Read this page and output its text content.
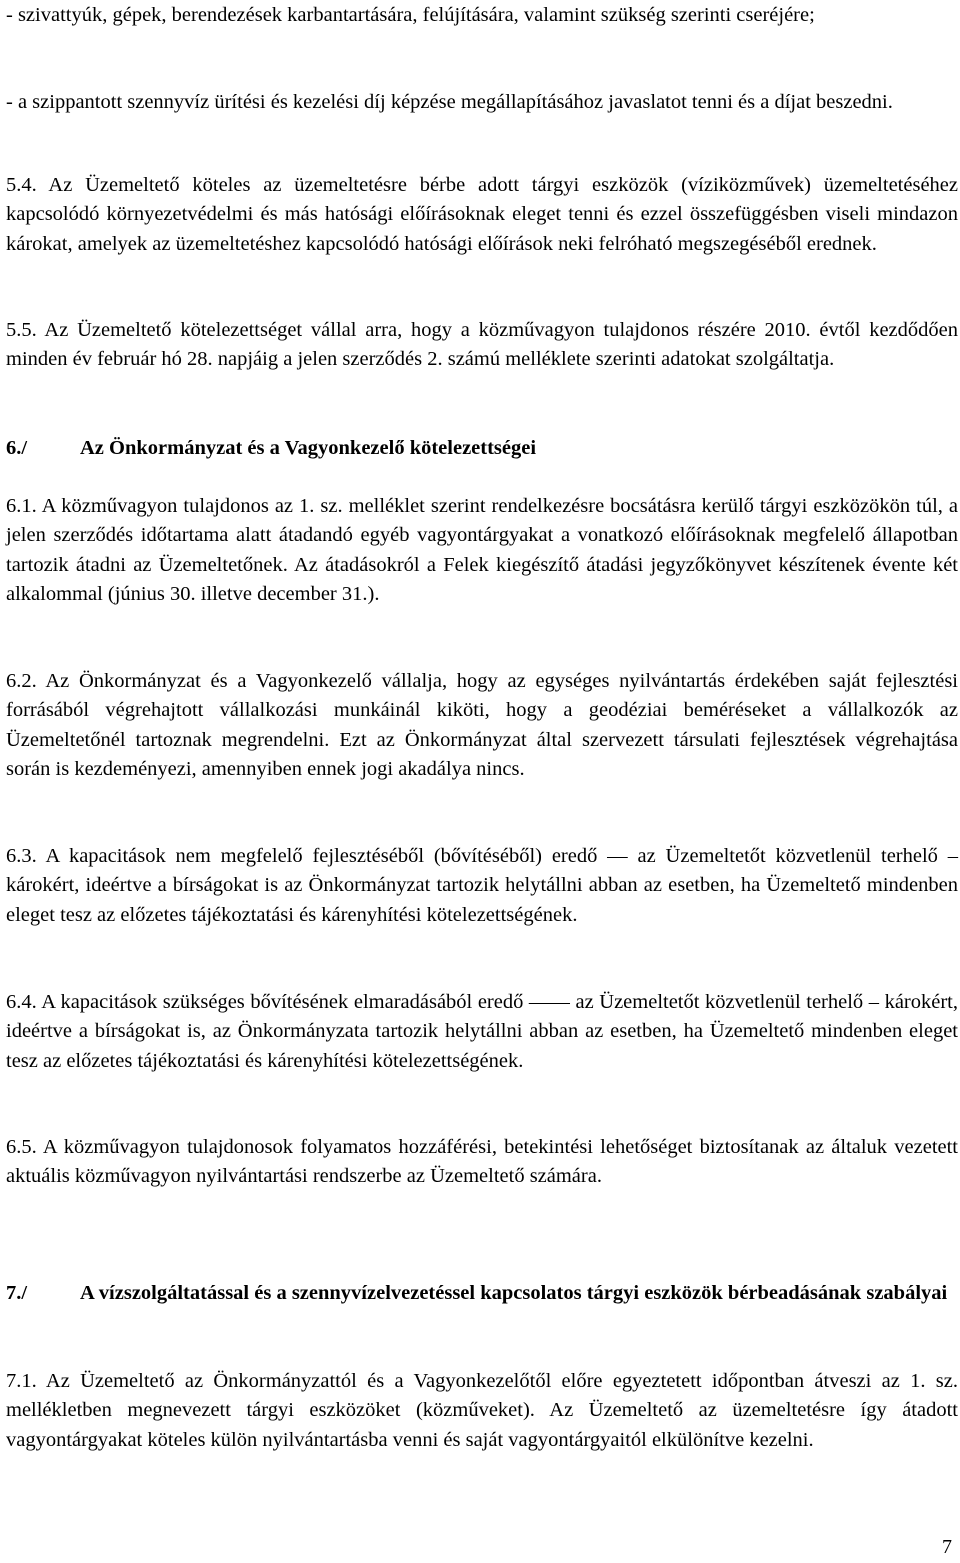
- szivattyúk, gépek, berendezések karbantartására, felújítására, valamint szükség szerinti cseréjére;

- a szippantott szennyvíz ürítési és kezelési díj képzése megállapításához javaslatot tenni és a díjat beszedni.

5.4. Az Üzemeltető köteles az üzemeltetésre bérbe adott tárgyi eszközök (víziközművek) üzemeltetéséhez kapcsolódó környezetvédelmi és más hatósági előírásoknak eleget tenni és ezzel összefüggésben viseli mindazon károkat, amelyek az üzemeltetéshez kapcsolódó hatósági előírások neki felróható megszegéséből erednek.

5.5. Az Üzemeltető kötelezettséget vállal arra, hogy a közművagyon tulajdonos részére 2010. évtől kezdődően minden év február hó 28. napjáig a jelen szerződés 2. számú melléklete szerinti adatokat szolgáltatja.

6./	Az Önkormányzat és a Vagyonkezelő kötelezettségei

6.1. A közművagyon tulajdonos az 1. sz. melléklet szerint rendelkezésre bocsátásra kerülő tárgyi eszközökön túl, a jelen szerződés időtartama alatt átadandó egyéb vagyontárgyakat a vonatkozó előírásoknak megfelelő állapotban tartozik átadni az Üzemeltetőnek. Az átadásokról a Felek kiegészítő átadási jegyzőkönyvet készítenek évente két alkalommal (június 30. illetve december 31.).

6.2. Az Önkormányzat és a Vagyonkezelő vállalja, hogy az egységes nyilvántartás érdekében saját fejlesztési forrásából végrehajtott vállalkozási munkáinál kiköti, hogy a geodéziai beméréseket a vállalkozók az Üzemeltetőnél tartoznak megrendelni. Ezt az Önkormányzat által szervezett társulati fejlesztések végrehajtása során is kezdeményezi, amennyiben ennek jogi akadálya nincs.

6.3. A kapacitások nem megfelelő fejlesztéséből (bővítéséből) eredő — az Üzemeltetőt közvetlenül terhelő – károkért, ideértve a bírságokat is az Önkormányzat tartozik helytállni abban az esetben, ha Üzemeltető mindenben eleget tesz az előzetes tájékoztatási és kárenyhítési kötelezettségének.

6.4. A kapacitások szükséges bővítésének elmaradásából eredő —— az Üzemeltetőt közvetlenül terhelő – károkért, ideértve a bírságokat is, az Önkormányzata tartozik helytállni abban az esetben, ha Üzemeltető mindenben eleget tesz az előzetes tájékoztatási és kárenyhítési kötelezettségének.

6.5. A közművagyon tulajdonosok folyamatos hozzáférési, betekintési lehetőséget biztosítanak az általuk vezetett aktuális közművagyon nyilvántartási rendszerbe az Üzemeltető számára.

7./	A vízszolgáltatással és a szennyvízelvezetéssel kapcsolatos tárgyi eszközök bérbeadásának szabályai

7.1. Az Üzemeltető az Önkormányzattól és a Vagyonkezelőtől előre egyeztetett időpontban átveszi az 1. sz. mellékletben megnevezett tárgyi eszközöket (közműveket). Az Üzemeltető az üzemeltetésre így átadott vagyontárgyakat köteles külön nyilvántartásba venni és saját vagyontárgyaitól elkülönítve kezelni.

7
